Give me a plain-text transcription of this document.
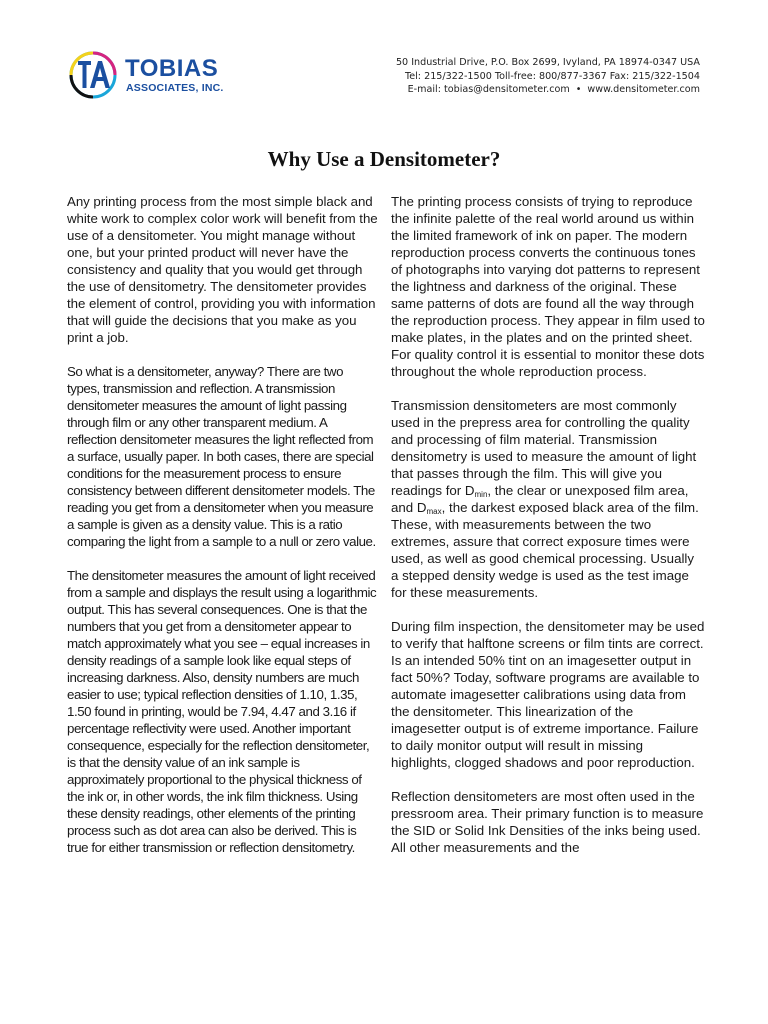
TOBIAS
ASSOCIATES, INC.
50 Industrial Drive, P.O. Box 2699, Ivyland, PA 18974-0347 USA
Tel: 215/322-1500 Toll-free: 800/877-3367 Fax: 215/322-1504
E-mail: tobias@densitometer.com • www.densitometer.com
Why Use a Densitometer?

Any printing process from the most simple black and white work to complex color work will benefit from the use of a densitometer. You might manage without one, but your printed product will never have the consistency and quality that you would get through the use of densitometry. The densitometer provides the element of control, providing you with information that will guide the decisions that you make as you print a job.

So what is a densitometer, anyway? There are two types, transmission and reflection. A transmission densitometer measures the amount of light passing through film or any other transparent medium. A reflection densitometer measures the light reflected from a surface, usually paper. In both cases, there are special conditions for the measurement process to ensure consistency between different densitometer models. The reading you get from a densitometer when you measure a sample is given as a density value. This is a ratio comparing the light from a sample to a null or zero value.

The densitometer measures the amount of light received from a sample and displays the result using a logarithmic output. This has several consequences. One is that the numbers that you get from a densitometer appear to match approximately what you see – equal increases in density readings of a sample look like equal steps of increasing darkness. Also, density numbers are much easier to use; typical reflection densities of 1.10, 1.35, 1.50 found in printing, would be 7.94, 4.47 and 3.16 if percentage reflectivity were used. Another important consequence, especially for the reflection densitometer, is that the density value of an ink sample is approximately proportional to the physical thickness of the ink or, in other words, the ink film thickness. Using these density readings, other elements of the printing process such as dot area can also be derived. This is true for either transmission or reflection densitometry.

The printing process consists of trying to reproduce the infinite palette of the real world around us within the limited framework of ink on paper. The modern reproduction process converts the continuous tones of photographs into varying dot patterns to represent the lightness and darkness of the original. These same patterns of dots are found all the way through the reproduction process. They appear in film used to make plates, in the plates and on the printed sheet. For quality control it is essential to monitor these dots throughout the whole reproduction process.

Transmission densitometers are most commonly used in the prepress area for controlling the quality and processing of film material. Transmission densitometry is used to measure the amount of light that passes through the film. This will give you readings for $D_{min}$, the clear or unexposed film area, and $D_{max}$, the darkest exposed black area of the film. These, with measurements between the two extremes, assure that correct exposure times were used, as well as good chemical processing. Usually a stepped density wedge is used as the test image for these measurements.

During film inspection, the densitometer may be used to verify that halftone screens or film tints are correct. Is an intended 50% tint on an imagesetter output in fact 50%? Today, software programs are available to automate imagesetter calibrations using data from the densitometer. This linearization of the imagesetter output is of extreme importance. Failure to daily monitor output will result in missing highlights, clogged shadows and poor reproduction.

Reflection densitometers are most often used in the pressroom area. Their primary function is to measure the SID or Solid Ink Densities of the inks being used. All other measurements and the
